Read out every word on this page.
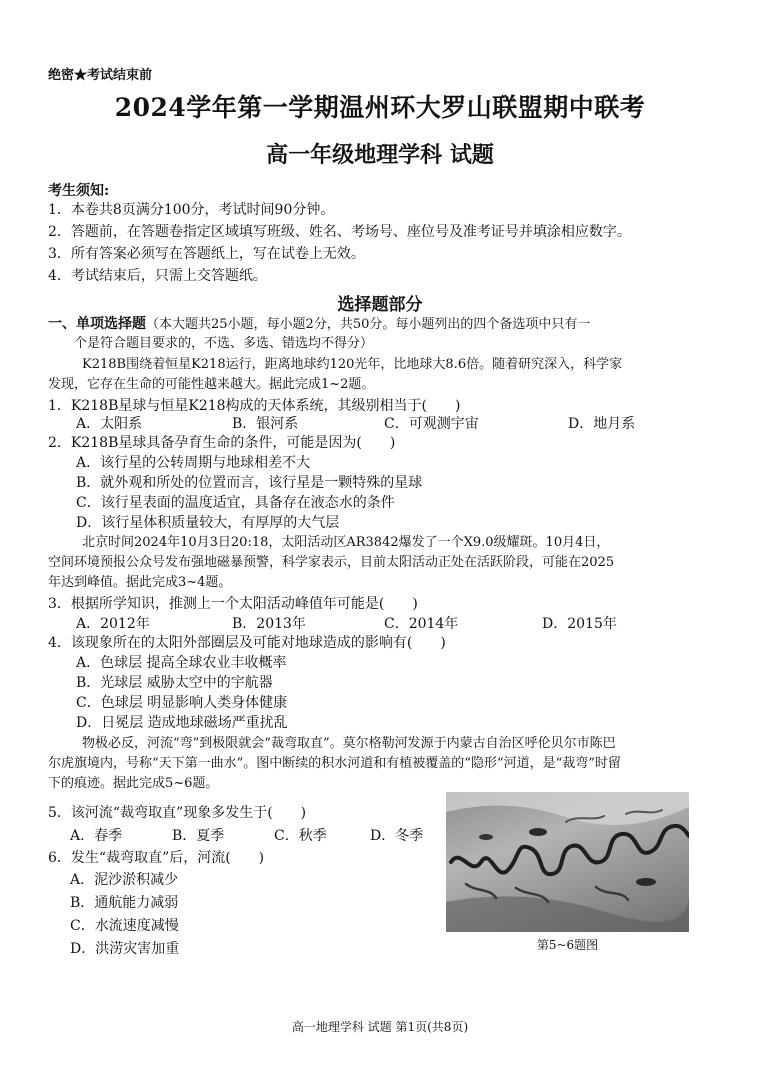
绝密★考试结束前
2024学年第一学期温州环大罗山联盟期中联考
高一年级地理学科 试题
考生须知:
1．本卷共8页满分100分，考试时间90分钟。
2．答题前，在答题卷指定区域填写班级、姓名、考场号、座位号及准考证号并填涂相应数字。
3．所有答案必须写在答题纸上，写在试卷上无效。
4．考试结束后，只需上交答题纸。
选择题部分
一、单项选择题（本大题共25小题，每小题2分，共50分。每小题列出的四个备选项中只有一
个是符合题目要求的，不选、多选、错选均不得分）
K218B围绕着恒星K218运行，距离地球约120光年，比地球大8.6倍。随着研究深入，科学家
发现，它存在生命的可能性越来越大。据此完成1~2题。
1．K218B星球与恒星K218构成的天体系统，其级别相当于(　　)
A．太阳系	B．银河系	C．可观测宇宙	D．地月系
2．K218B星球具备孕育生命的条件，可能是因为(　　)
A．该行星的公转周期与地球相差不大
B．就外观和所处的位置而言，该行星是一颗特殊的星球
C．该行星表面的温度适宜，具备存在液态水的条件
D．该行星体积质量较大，有厚厚的大气层
北京时间2024年10月3日20:18，太阳活动区AR3842爆发了一个X9.0级耀斑。10月4日，
空间环境预报公众号发布强地磁暴预警，科学家表示，目前太阳活动正处在活跃阶段，可能在2025
年达到峰值。据此完成3~4题。
3．根据所学知识，推测上一个太阳活动峰值年可能是(　　)
A．2012年	B．2013年	C．2014年	D．2015年
4．该现象所在的太阳外部圈层及可能对地球造成的影响有(　　)
A．色球层 提高全球农业丰收概率
B．光球层 威胁太空中的宇航器
C．色球层 明显影响人类身体健康
D．日冕层 造成地球磁场严重扰乱
物极必反，河流“弯”到极限就会“裁弯取直”。莫尔格勒河发源于内蒙古自治区呼伦贝尔市陈巴
尔虎旗境内，号称“天下第一曲水”。图中断续的积水河道和有植被覆盖的“隐形”河道，是“裁弯”时留
下的痕迹。据此完成5~6题。
5．该河流“裁弯取直”现象多发生于(　　)
A．春季	B．夏季	C．秋季	D．冬季
6．发生“裁弯取直”后，河流(　　)
A．泥沙淤积减少
B．通航能力减弱
C．水流速度减慢
D．洪涝灾害加重	第5~6题图
高一地理学科 试题 第1页(共8页)
